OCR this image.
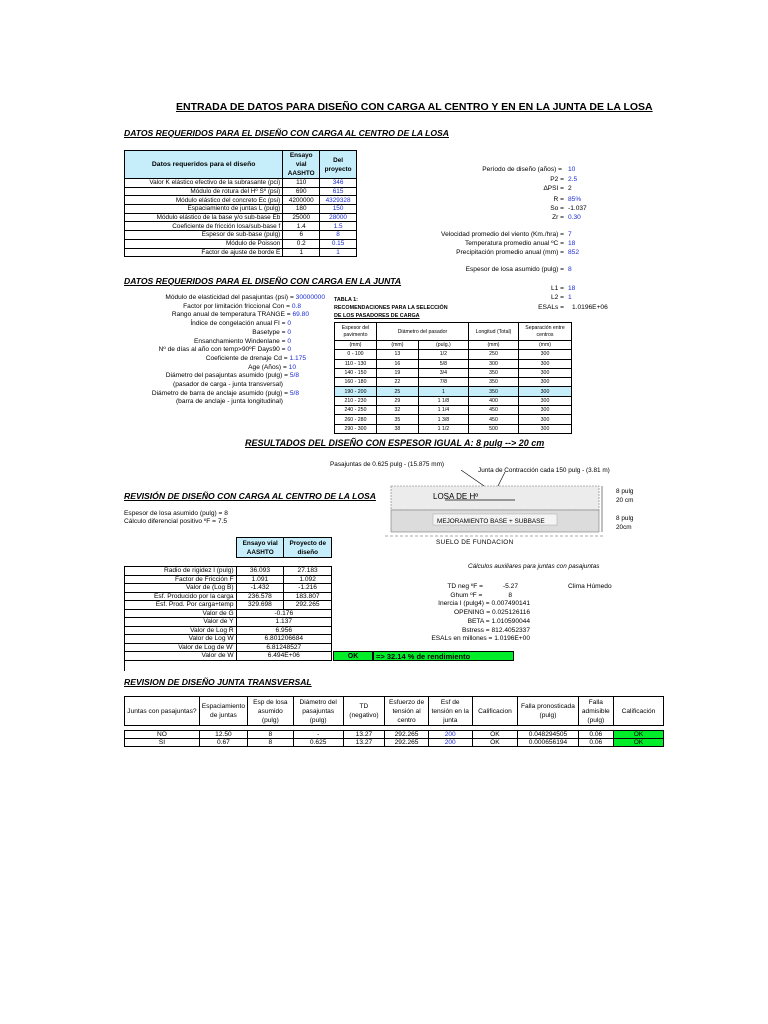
ENTRADA DE DATOS PARA DISEÑO CON CARGA AL CENTRO Y EN EN LA JUNTA DE LA LOSA
DATOS REQUERIDOS PARA EL DISEÑO CON CARGA AL CENTRO DE LA LOSA
Datos requeridos para el diseño	Ensayo vial AASHTO	Del proyecto
Valor K elástico efectivo de la subrasante (pci)	110	346
Módulo de rotura del Hº Sº (psi)	690	615
Módulo elástico del concreto Ec (psi)	4200000	4329328
Espaciamiento de juntas L (pulg)	180	150
Módulo elástico de la base y/o sub-base Eb	25000	28000
Coeficiente de fricción losa/sub-base f	1.4	1.5
Espesor de sub-base (pulg)	6	8
Módulo de Poisson	0.2	0.15
Factor de ajuste de borde E	1	1
Período de diseño (años) = 10
P2 = 2.5
∆PSI = 2
R = 85%
So = -1.037
Zr = 0.30
Velocidad promedio del viento (Km./hra) = 7
Temperatura promedio anual ºC = 18
Precipitación promedio anual (mm) = 852
Espesor de losa asumido (pulg) = 8
L1 = 18
L2 = 1
ESALs = 1.0196E+06
DATOS REQUERIDOS PARA EL DISEÑO CON CARGA EN LA JUNTA
Módulo de elasticidad del pasajuntas (psi) = 30000000
Factor por limitación friccional Con = 0.8
Rango anual de temperatura TRANGE = 69.80
Índice de congelación anual FI = 0
Basetype = 0
Ensanchamiento Windenlane = 0
Nº de días al año con temp>90ºF Days90 = 0
Coeficiente de drenaje Cd = 1.175
Age (Años) = 10
Diámetro del pasajuntas asumido (pulg) = 5/8
(pasador de carga - junta transversal)
Diámetro de barra de anclaje asumido (pulg) = 5/8
(barra de anclaje - junta longitudinal)
TABLA 1:
RECOMENDACIONES PARA LA SELECCIÓN
DE LOS PASADORES DE CARGA
Espesor del pavimento	Diámetro del pasador		Longitud (Total)	Separación entre centros
(mm)	(mm)	(pulg.)	(mm)	(mm)
0 - 100	13	1/2	250	300
110 - 130	16	5/8	300	300
140 - 150	19	3/4	350	300
160 - 180	22	7/8	350	300
190 - 200	25	1	350	300
210 - 230	29	1 1/8	400	300
240 - 250	32	1 1/4	450	300
260 - 280	35	1 3/8	450	300
290 - 300	38	1 1/2	500	300
RESULTADOS DEL DISEÑO CON ESPESOR IGUAL A: 8 pulg --> 20 cm
Pasajuntas de 0.625 pulg - (15.875 mm)
Junta de Contracción cada 150 pulg - (3.81 m)
LOSA DE Hº
MEJORAMIENTO BASE + SUBBASE
SUELO DE FUNDACION
8 pulg
20 cm
8 pulg
20cm
REVISIÓN DE DISEÑO CON CARGA AL CENTRO DE LA LOSA
Espesor de losa asumido (pulg) = 8
Cálculo diferencial positivo ºF = 7.5
Ensayo vial AASHTO	Proyecto de diseño
Radio de rigidez l (pulg)	36.093	27.183
Factor de Fricción F	1.091	1.092
Valor de (Log B)	-1.432	-1.216
Esf. Producido por la carga	236.578	183.807
Esf. Prod. Por carga+temp	329.698	292.265
Valor de G	-0.176	
Valor de Y	1.137	
Valor de Log R	6.956	
Valor de Log W	6.801206684	
Valor de Log de W'	6.81248527	
Valor de W	6.494E+06		OK	=> 32.14 % de rendimiento
Cálculos auxiliares para juntas con pasajuntas
TD neg ºF =	-5.27
Ghum ºF =	8
Inercia I (pulg4) = 0.007490141
OPENING = 0.025126116
BETA = 1.010590044
Bstress = 812.4052337
ESALs en millones = 1.0196E+00
Clima Húmedo
REVISION DE DISEÑO JUNTA TRANSVERSAL
Juntas con pasajuntas?	Espaciamiento de juntas	Esp de losa asumido (pulg)	Diámetro del pasajuntas (pulg)	TD (negativo)	Esfuerzo de tensión al centro	Esf de tensión en la junta	Calificacion	Falla pronosticada (pulg)	Falla admisible (pulg)	Calificación

NO	12.50	8	-	13.27	292.265	200	OK	0.048294505	0.06	OK
SI	0.67	8	0.625	13.27	292.265	200	OK	0.000656194	0.06	OK
